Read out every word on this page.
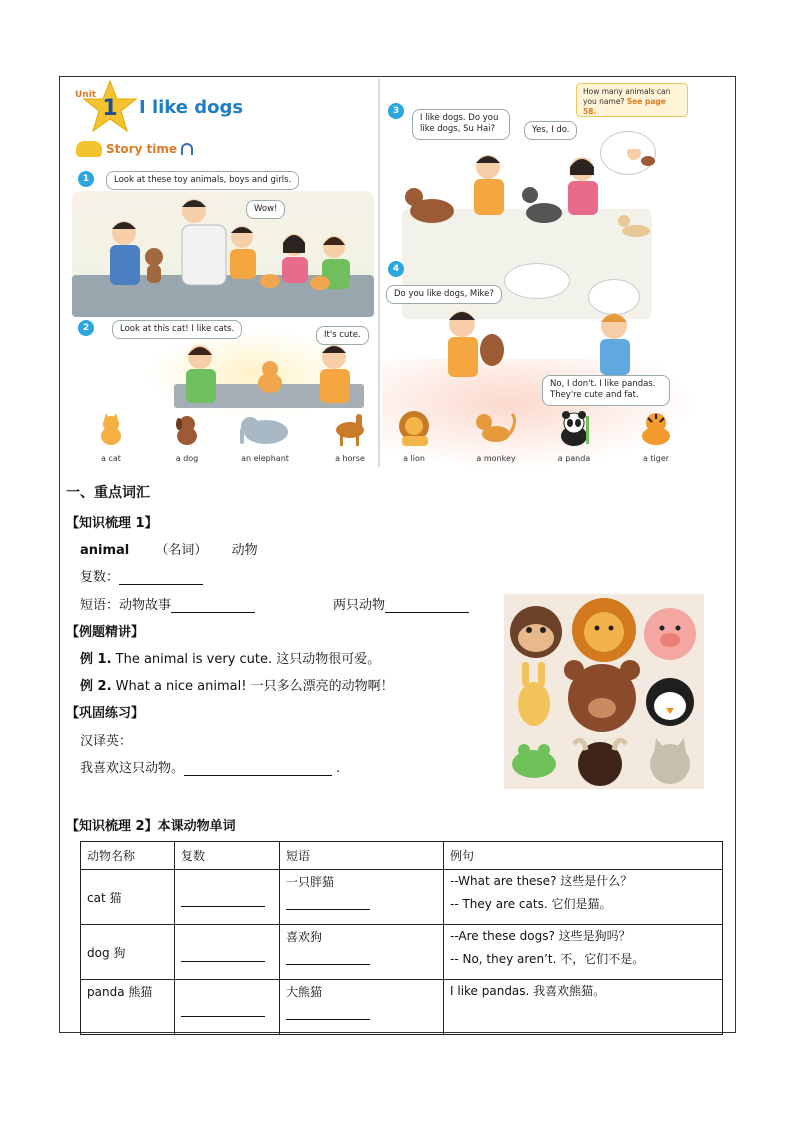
1
Unit
I like dogs
Story time
1	Look at these toy animals, boys and girls.
Wow!
2	Look at this cat! I like cats.
It's cute.
a cat	a dog	an elephant	a horse
How many animals can
you name? See page 58.
3
I like dogs. Do you like dogs, Su Hai?	Yes, I do.
4
Do you like dogs, Mike?
No, I don't. I like pandas. They're cute and fat.
a lion	a monkey	a panda	a tiger
一、重点词汇
【知识梳理 1】
animal （名词） 动物
复数：
短语：动物故事	两只动物
【例题精讲】
例 1. The animal is very cute. 这只动物很可爱。
例 2. What a nice animal! 一只多么漂亮的动物啊！
【巩固练习】
汉译英：
我喜欢这只动物。	.
【知识梳理 2】本课动物单词
动物名称	复数	短语	例句
cat 猫		一只胖猫	--What are these? 这些是什么？
-- They are cats. 它们是猫。

dog 狗		喜欢狗	--Are these dogs? 这些是狗吗？
-- No, they aren’t. 不，它们不是。

panda 熊猫		大熊猫	I like pandas. 我喜欢熊猫。
